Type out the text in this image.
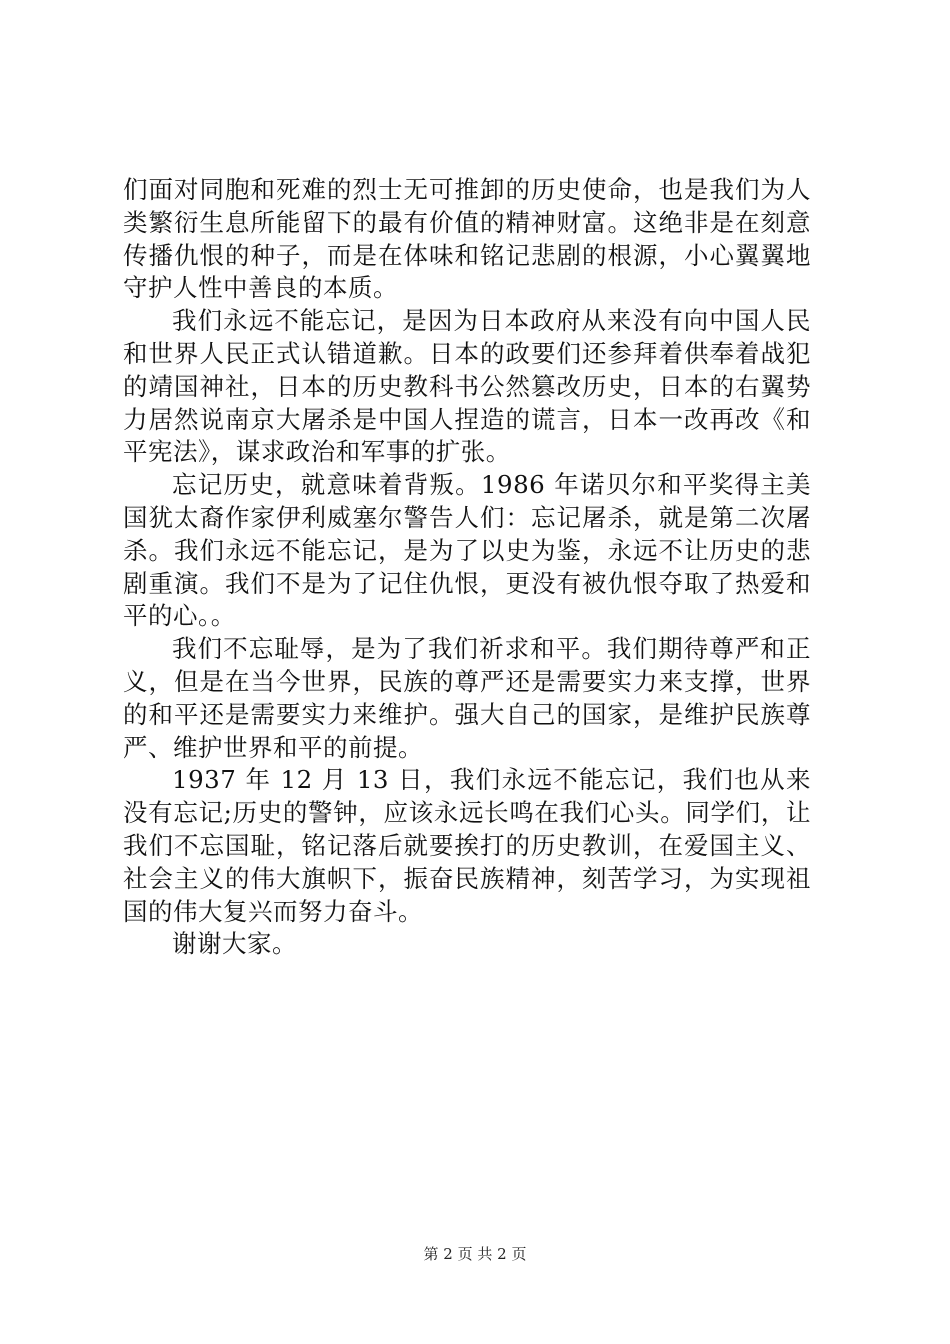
们面对同胞和死难的烈士无可推卸的历史使命，也是我们为人类繁衍生息所能留下的最有价值的精神财富。这绝非是在刻意传播仇恨的种子，而是在体味和铭记悲剧的根源，小心翼翼地守护人性中善良的本质。

我们永远不能忘记，是因为日本政府从来没有向中国人民和世界人民正式认错道歉。日本的政要们还参拜着供奉着战犯的靖国神社，日本的历史教科书公然篡改历史，日本的右翼势力居然说南京大屠杀是中国人捏造的谎言，日本一改再改《和平宪法》，谋求政治和军事的扩张。

忘记历史，就意味着背叛。1986 年诺贝尔和平奖得主美国犹太裔作家伊利威塞尔警告人们：忘记屠杀，就是第二次屠杀。我们永远不能忘记，是为了以史为鉴，永远不让历史的悲剧重演。我们不是为了记住仇恨，更没有被仇恨夺取了热爱和平的心。。

我们不忘耻辱，是为了我们祈求和平。我们期待尊严和正义，但是在当今世界，民族的尊严还是需要实力来支撑，世界的和平还是需要实力来维护。强大自己的国家，是维护民族尊严、维护世界和平的前提。

1937 年 12 月 13 日，我们永远不能忘记，我们也从来没有忘记;历史的警钟，应该永远长鸣在我们心头。同学们，让我们不忘国耻，铭记落后就要挨打的历史教训，在爱国主义、社会主义的伟大旗帜下，振奋民族精神，刻苦学习，为实现祖国的伟大复兴而努力奋斗。

谢谢大家。

第 2 页 共 2 页
